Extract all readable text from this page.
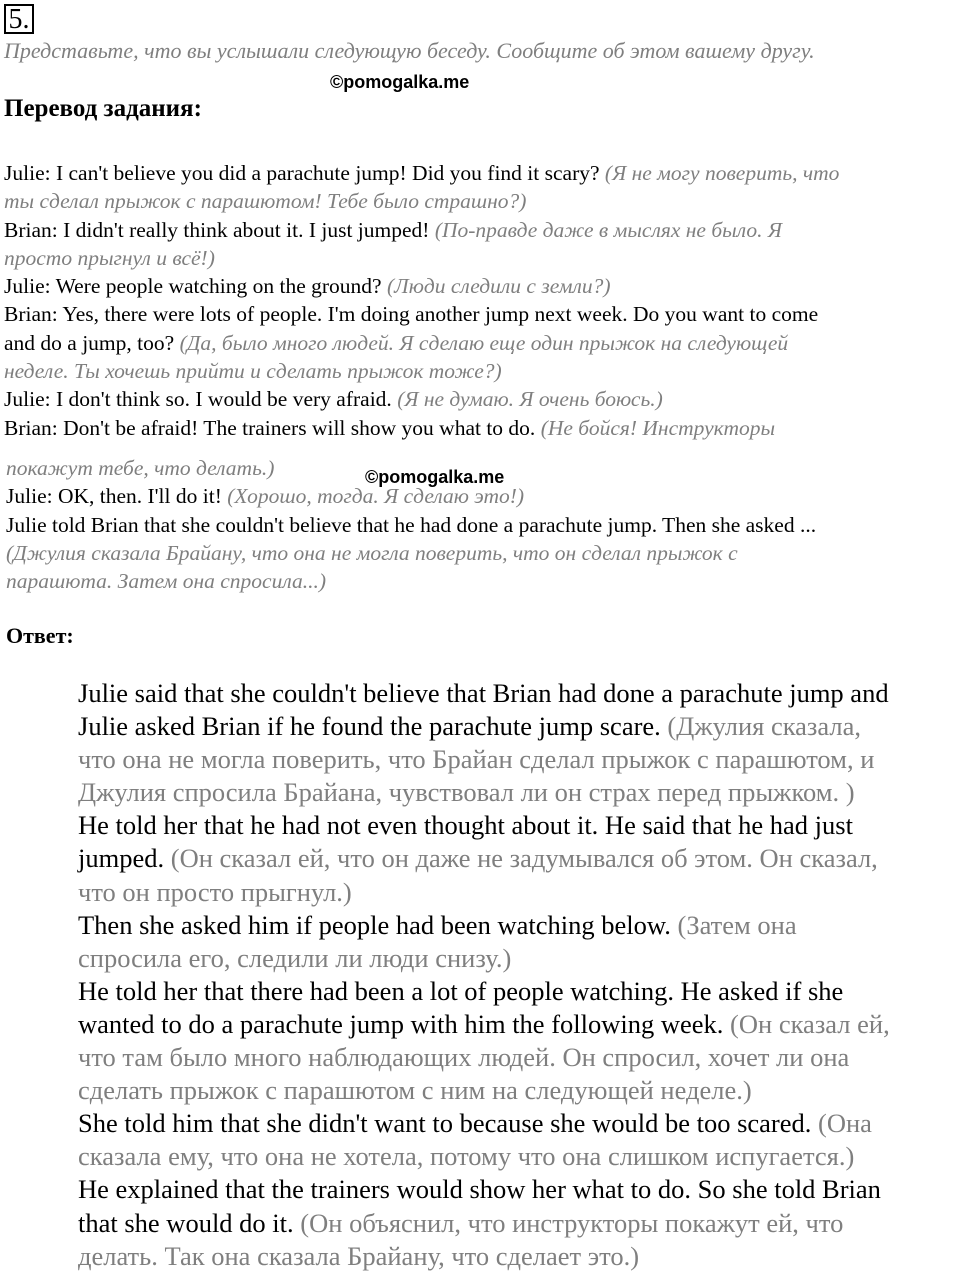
5.
Представьте, что вы услышали следующую беседу. Сообщите об этом вашему другу.
©pomogalka.me
Перевод задания:
Julie: I can't believe you did a parachute jump! Did you find it scary? (Я не могу поверить, что
ты сделал прыжок с парашютом! Тебе было страшно?)
Brian: I didn't really think about it. I just jumped! (По-правде даже в мыслях не было. Я
просто прыгнул и всё!)
Julie: Were people watching on the ground? (Люди следили с земли?)
Brian: Yes, there were lots of people. I'm doing another jump next week. Do you want to come
and do a jump, too? (Да, было много людей. Я сделаю еще один прыжок на следующей
неделе. Ты хочешь прийти и сделать прыжок тоже?)
Julie: I don't think so. I would be very afraid. (Я не думаю. Я очень боюсь.)
Brian: Don't be afraid! The trainers will show you what to do. (Не бойся! Инструкторы
покажут тебе, что делать.)
Julie: OK, then. I'll do it! (Хорошо, тогда. Я сделаю это!)
Julie told Brian that she couldn't believe that he had done a parachute jump. Then she asked ...
(Джулия сказала Брайану, что она не могла поверить, что он сделал прыжок с
парашюта. Затем она спросила...)
©pomogalka.me
Ответ:
Julie said that she couldn't believe that Brian had done a parachute jump and
Julie asked Brian if he found the parachute jump scare. (Джулия сказала,
что она не могла поверить, что Брайан сделал прыжок с парашютом, и
Джулия спросила Брайана, чувствовал ли он страх перед прыжком. )
He told her that he had not even thought about it. He said that he had just
jumped. (Он сказал ей, что он даже не задумывался об этом. Он сказал,
что он просто прыгнул.)
Then she asked him if people had been watching below. (Затем она
спросила его, следили ли люди снизу.)
He told her that there had been a lot of people watching. He asked if she
wanted to do a parachute jump with him the following week. (Он сказал ей,
что там было много наблюдающих людей. Он спросил, хочет ли она
сделать прыжок с парашютом с ним на следующей неделе.)
She told him that she didn't want to because she would be too scared. (Она
сказала ему, что она не хотела, потому что она слишком испугается.)
He explained that the trainers would show her what to do. So she told Brian
that she would do it. (Он объяснил, что инструкторы покажут ей, что
делать. Так она сказала Брайану, что сделает это.)
